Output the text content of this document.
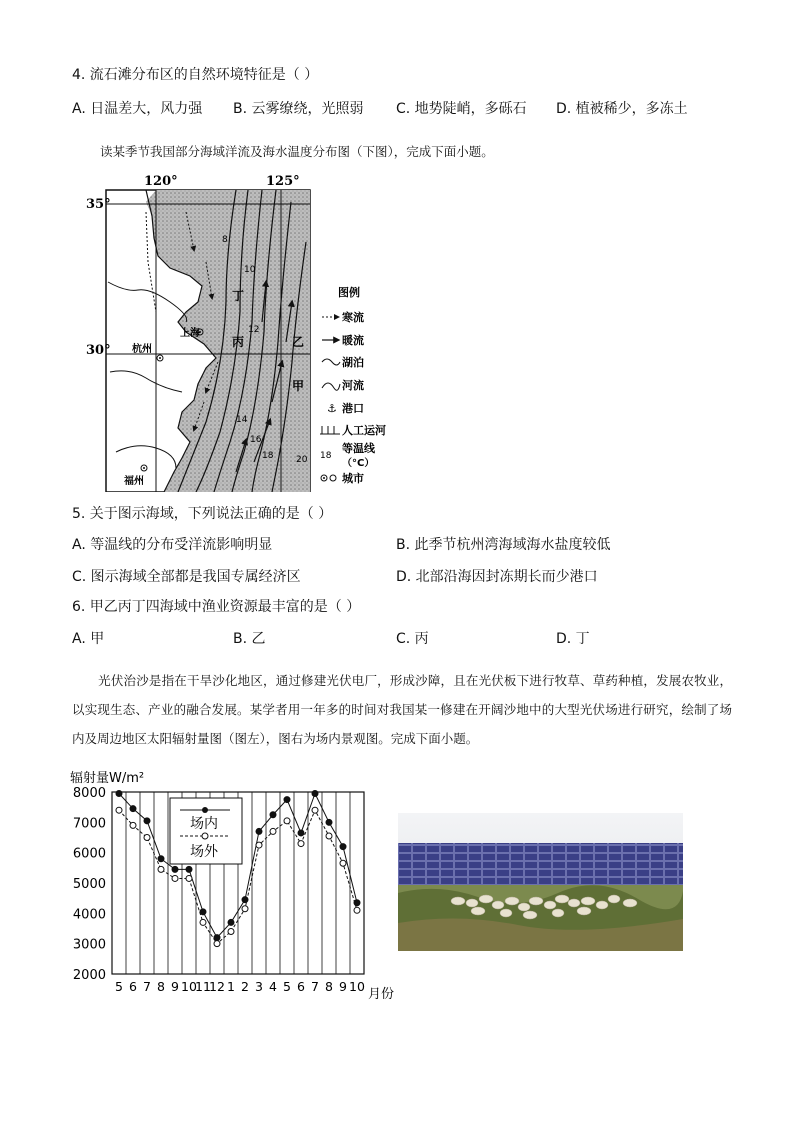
4. 流石滩分布区的自然环境特征是（ ）
A. 日温差大，风力强 B. 云雾缭绕，光照弱 C. 地势陡峭，多砾石 D. 植被稀少，多冻土
读某季节我国部分海域洋流及海水温度分布图（下图），完成下面小题。
120°	125°
35°
30°
上海
杭州
福州
丁
丙	乙
甲
8
10
12
14
16
18	20
图例
寒流
暖流
湖泊
河流
⚓ 港口
人工运河
18
等温线
（°C）
城市
5. 关于图示海域，下列说法正确的是（ ）
A. 等温线的分布受洋流影响明显	B. 此季节杭州湾海域海水盐度较低
C. 图示海域全部都是我国专属经济区	D. 北部沿海因封冻期长而少港口
6. 甲乙丙丁四海域中渔业资源最丰富的是（ ）
A. 甲	B. 乙	C. 丙	D. 丁
光伏治沙是指在干旱沙化地区，通过修建光伏电厂，形成沙障，且在光伏板下进行牧草、草药种植，发展农牧业，以实现生态、产业的融合发展。某学者用一年多的时间对我国某一修建在开阔沙地中的大型光伏场进行研究，绘制了场内及周边地区太阳辐射量图（图左），图右为场内景观图。完成下面小题。
辐射量W/m²
8000
7000
6000
5000
4000
3000
2000
5 6 7 8 9 10
11
12 1 2 3 4 5 6 7 8 9 10
场内
场外
月份
